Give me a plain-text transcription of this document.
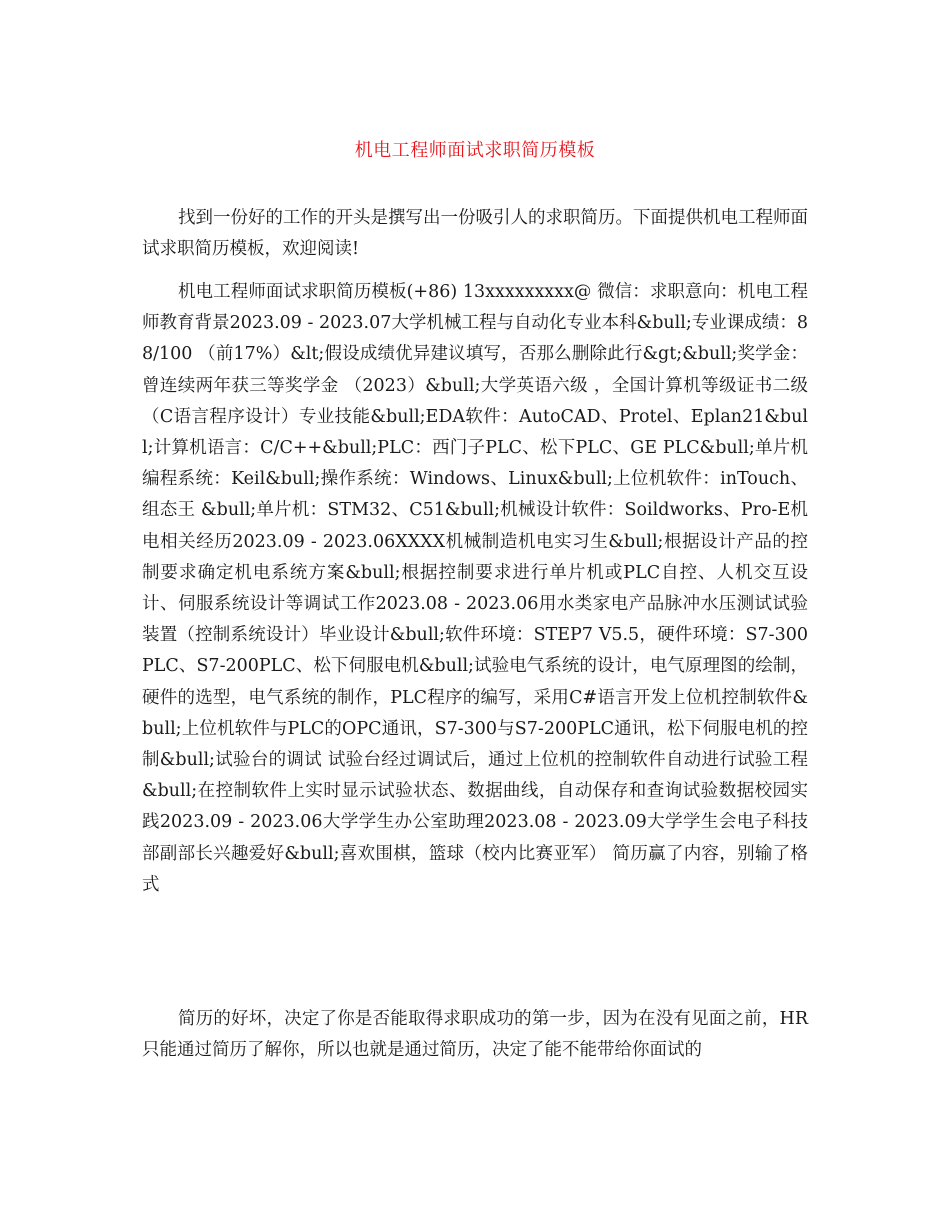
机电工程师面试求职简历模板

找到一份好的工作的开头是撰写出一份吸引人的求职简历。下面提供机电工程师面试求职简历模板，欢迎阅读!

机电工程师面试求职简历模板(+86) 13xxxxxxxxx@ 微信：求职意向：机电工程师教育背景2023.09 - 2023.07大学机械工程与自动化专业本科&bull;专业课成绩：88/100 （前17%）&lt;假设成绩优异建议填写，否那么删除此行&gt;&bull;奖学金：曾连续两年获三等奖学金 （2023）&bull;大学英语六级 ，全国计算机等级证书二级（C语言程序设计）专业技能&bull;EDA软件：AutoCAD、Protel、Eplan21&bull;计算机语言：C/C++&bull;PLC：西门子PLC、松下PLC、GE PLC&bull;单片机编程系统：Keil&bull;操作系统：Windows、Linux&bull;上位机软件：inTouch、组态王 &bull;单片机：STM32、C51&bull;机械设计软件：Soildworks、Pro-E机电相关经历2023.09 - 2023.06XXXX机械制造机电实习生&bull;根据设计产品的控制要求确定机电系统方案&bull;根据控制要求进行单片机或PLC自控、人机交互设计、伺服系统设计等调试工作2023.08 - 2023.06用水类家电产品脉冲水压测试试验装置（控制系统设计）毕业设计&bull;软件环境：STEP7 V5.5，硬件环境：S7-300PLC、S7-200PLC、松下伺服电机&bull;试验电气系统的设计，电气原理图的绘制，硬件的选型，电气系统的制作，PLC程序的编写，采用C#语言开发上位机控制软件&bull;上位机软件与PLC的OPC通讯，S7-300与S7-200PLC通讯，松下伺服电机的控制&bull;试验台的调试 试验台经过调试后，通过上位机的控制软件自动进行试验工程&bull;在控制软件上实时显示试验状态、数据曲线，自动保存和查询试验数据校园实践2023.09 - 2023.06大学学生办公室助理2023.08 - 2023.09大学学生会电子科技部副部长兴趣爱好&bull;喜欢围棋，篮球（校内比赛亚军） 简历赢了内容，别输了格式

简历的好坏，决定了你是否能取得求职成功的第一步，因为在没有见面之前，HR只能通过简历了解你，所以也就是通过简历，决定了能不能带给你面试的
